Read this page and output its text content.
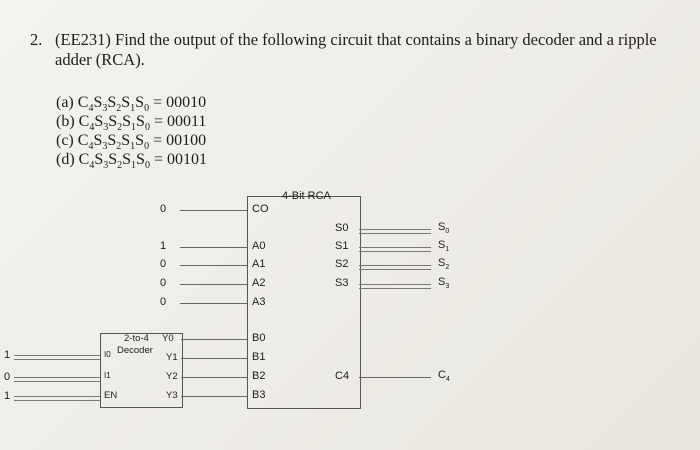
2. (EE231) Find the output of the following circuit that contains a binary decoder and a ripple adder (RCA).
(a) $C_4S_3S_2S_1S_0 = 00010$
(b) $C_4S_3S_2S_1S_0 = 00011$
(c) $C_4S_3S_2S_1S_0 = 00100$
(d) $C_4S_3S_2S_1S_0 = 00101$
4-Bit RCA
CO
A0
A1
A2
A3
B0
B1
B2
B3
S0
S1
S2
S3
C4
0
1
0
0
0
2-to-4
Decoder
Y0
Y1
Y2
Y3
I0
I1
EN
1
0
1
$S_0$
$S_1$
$S_2$
$S_3$
$C_4$
